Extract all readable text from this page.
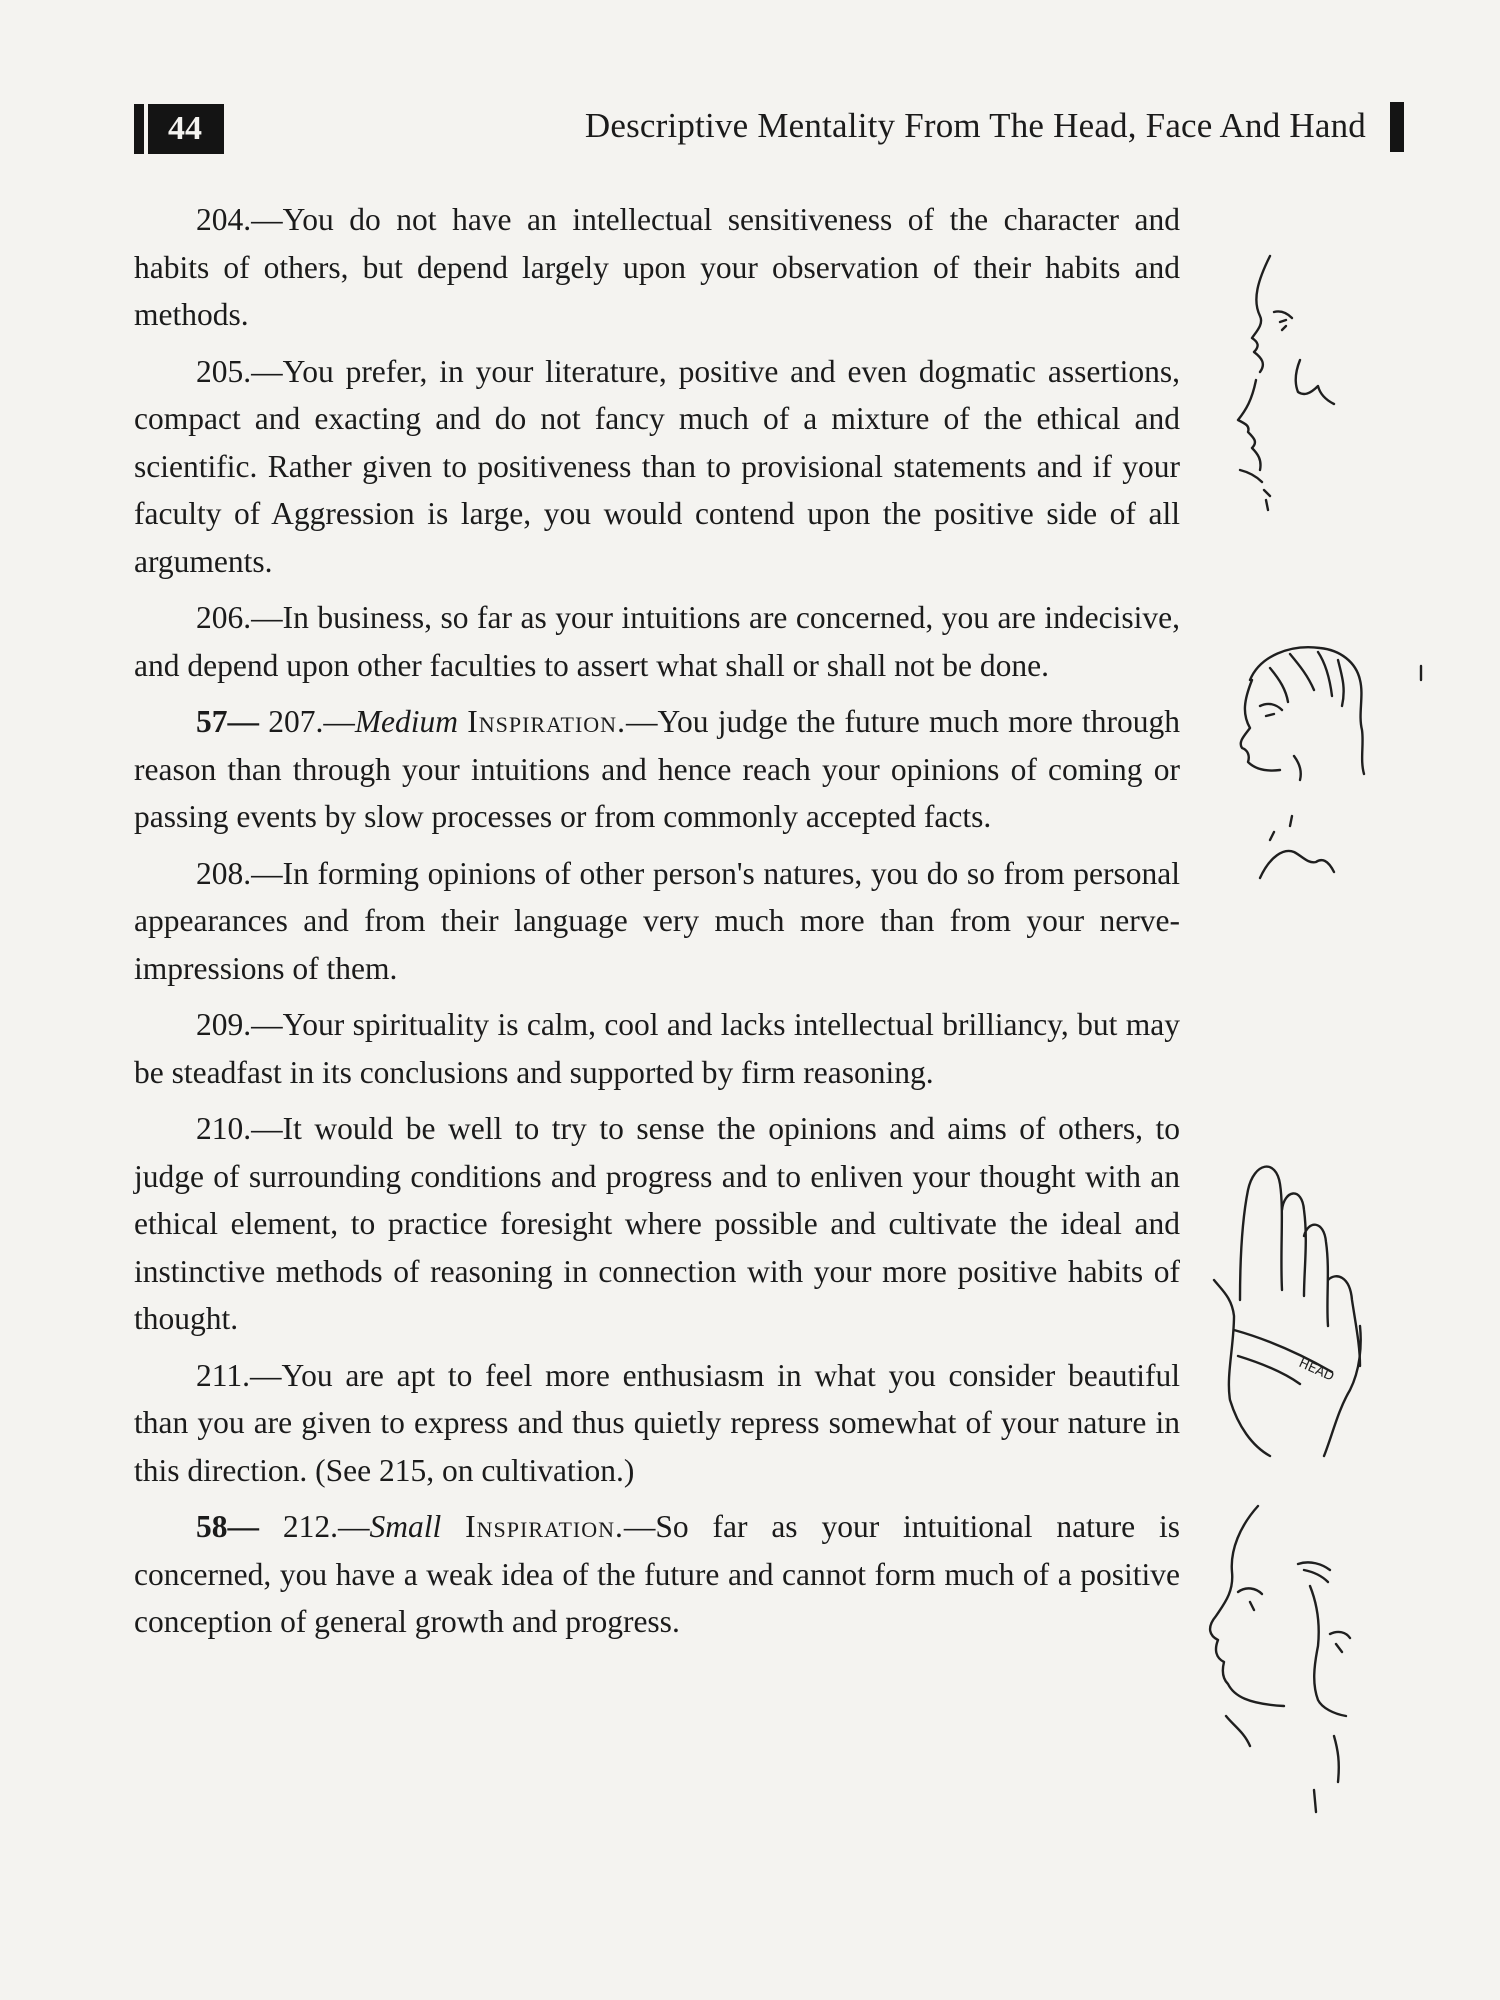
44	Descriptive Mentality From The Head, Face And Hand

204.—You do not have an intellectual sensitiveness of the character and habits of others, but depend largely upon your observation of their habits and methods.

205.—You prefer, in your literature, positive and even dogmatic assertions, compact and exacting and do not fancy much of a mixture of the ethical and scientific. Rather given to positiveness than to provisional statements and if your faculty of Aggression is large, you would contend upon the positive side of all arguments.

206.—In business, so far as your intuitions are concerned, you are indecisive, and depend upon other faculties to assert what shall or shall not be done.

57— 207.—Medium Inspiration.—You judge the future much more through reason than through your intuitions and hence reach your opinions of coming or passing events by slow processes or from commonly accepted facts.

208.—In forming opinions of other person's natures, you do so from personal appearances and from their language very much more than from your nerve-impressions of them.

209.—Your spirituality is calm, cool and lacks intellectual brilliancy, but may be steadfast in its conclusions and supported by firm reasoning.

210.—It would be well to try to sense the opinions and aims of others, to judge of surrounding conditions and progress and to enliven your thought with an ethical element, to practice foresight where possible and cultivate the ideal and instinctive methods of reasoning in connection with your more positive habits of thought.

211.—You are apt to feel more enthusiasm in what you consider beautiful than you are given to express and thus quietly repress somewhat of your nature in this direction. (See 215, on cultivation.)

58— 212.—Small Inspiration.—So far as your intuitional nature is concerned, you have a weak idea of the future and cannot form much of a positive conception of general growth and progress.

HEAD
